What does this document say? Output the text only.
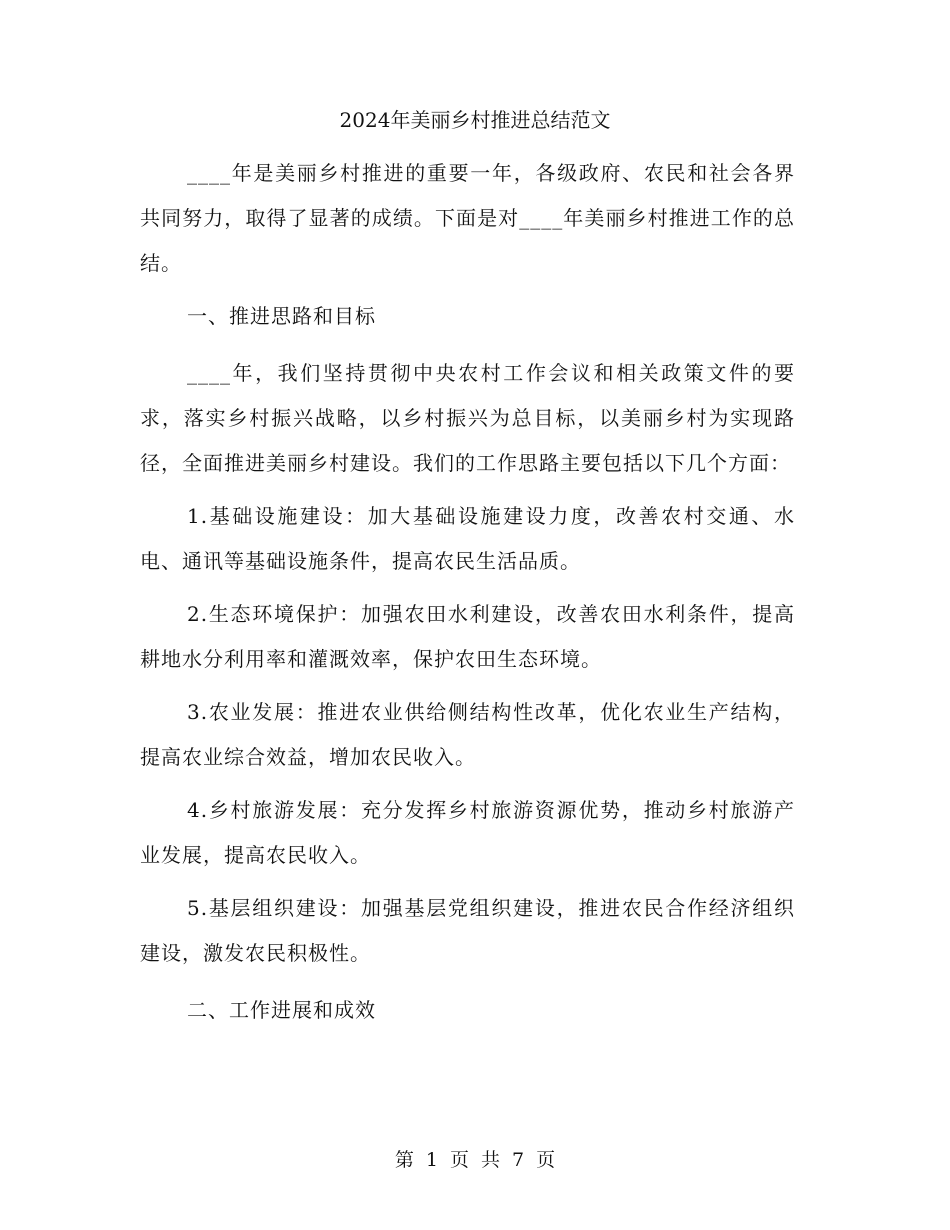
2024年美丽乡村推进总结范文

____年是美丽乡村推进的重要一年，各级政府、农民和社会各界共同努力，取得了显著的成绩。下面是对____年美丽乡村推进工作的总结。

一、推进思路和目标

____年，我们坚持贯彻中央农村工作会议和相关政策文件的要求，落实乡村振兴战略，以乡村振兴为总目标，以美丽乡村为实现路径，全面推进美丽乡村建设。我们的工作思路主要包括以下几个方面：

1.基础设施建设：加大基础设施建设力度，改善农村交通、水电、通讯等基础设施条件，提高农民生活品质。

2.生态环境保护：加强农田水利建设，改善农田水利条件，提高耕地水分利用率和灌溉效率，保护农田生态环境。

3.农业发展：推进农业供给侧结构性改革，优化农业生产结构，提高农业综合效益，增加农民收入。

4.乡村旅游发展：充分发挥乡村旅游资源优势，推动乡村旅游产业发展，提高农民收入。

5.基层组织建设：加强基层党组织建设，推进农民合作经济组织建设，激发农民积极性。

二、工作进展和成效

第 1 页 共 7 页
